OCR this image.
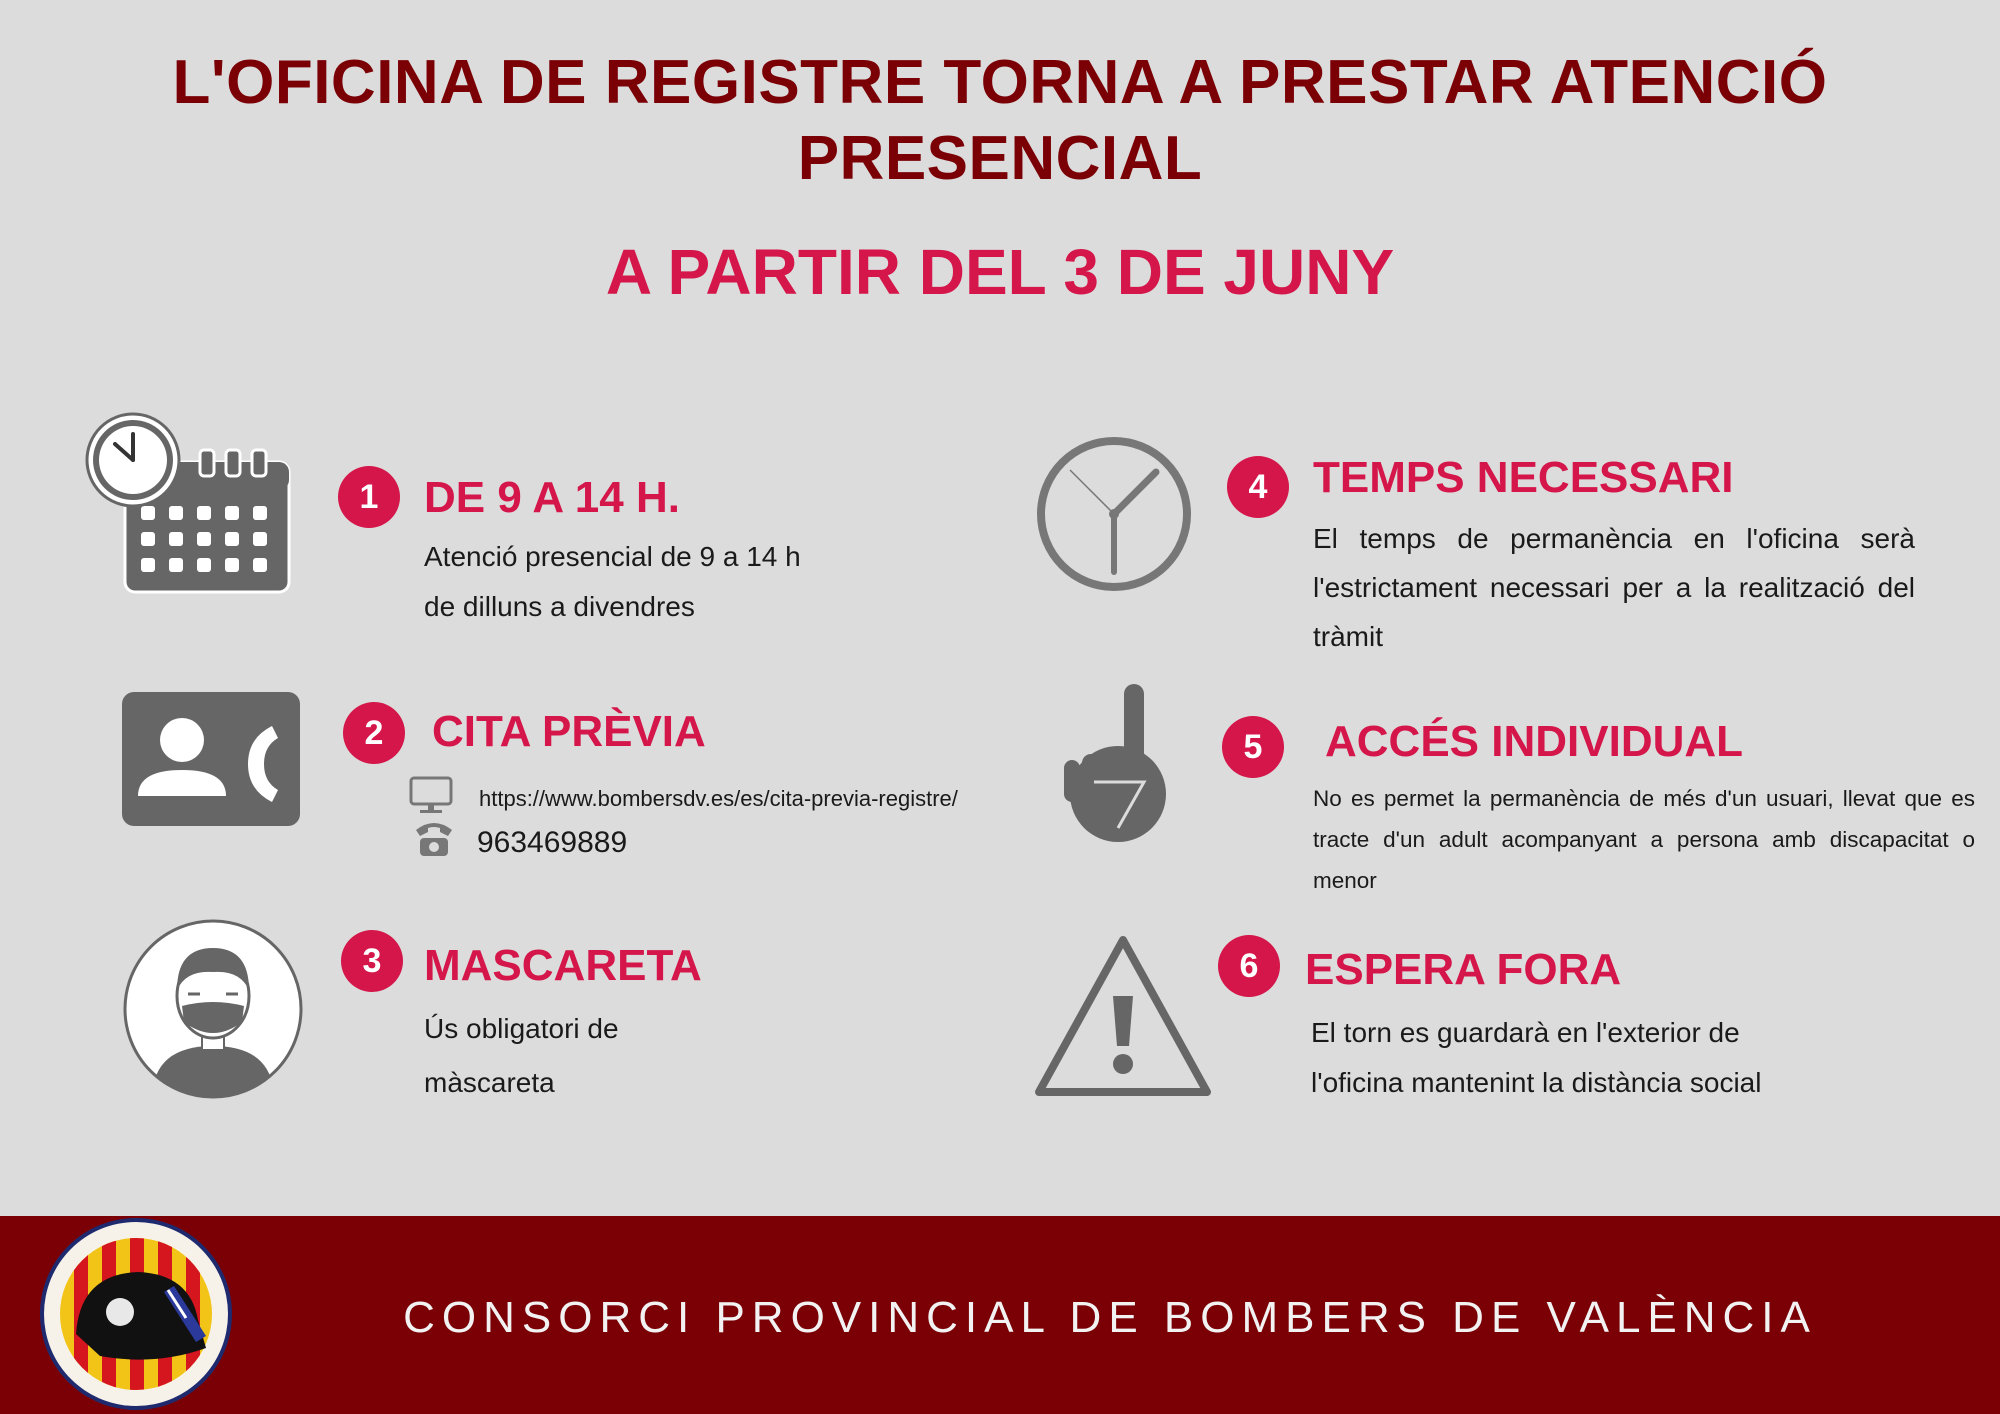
L'OFICINA DE REGISTRE TORNA A PRESTAR ATENCIÓ PRESENCIAL
A PARTIR DEL 3 DE JUNY
1	DE 9 A 14 H.
Atenció presencial de 9 a 14 h
de dilluns a divendres
2	CITA PRÈVIA
https://www.bombersdv.es/es/cita-previa-registre/
963469889
3 MASCARETA
Ús obligatori de
màscareta
4	TEMPS NECESSARI
El temps de permanència en l'oficina serà l'estrictament necessari per a la realització del tràmit
5	ACCÉS INDIVIDUAL
No es permet la permanència de més d'un usuari, llevat que es tracte d'un adult acompanyant a persona amb discapacitat o menor
6	ESPERA FORA
El torn es guardarà en l'exterior de
l'oficina mantenint la distància social
CONSORCI PROVINCIAL DE BOMBERS DE VALÈNCIA
